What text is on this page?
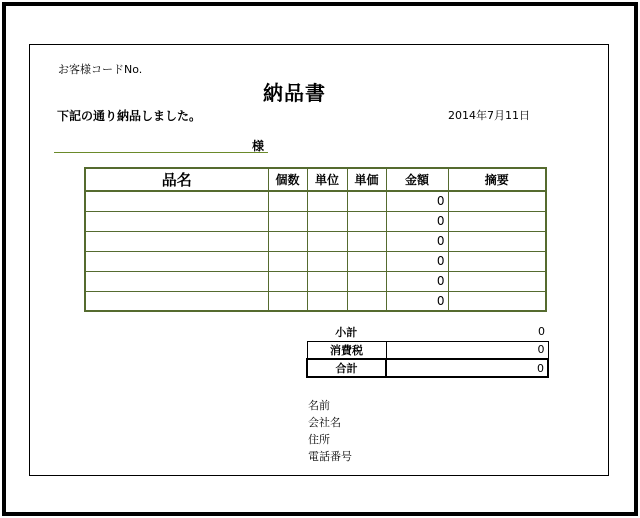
お客様コードNo.
納品書
下記の通り納品しました。	2014年7月11日
様
品名	個数	単位	単価	金額	摘要
				0	
				0	
				0	
				0	
				0	
				0	
小計	0
消費税	0
合計	0
名前
会社名
住所
電話番号
